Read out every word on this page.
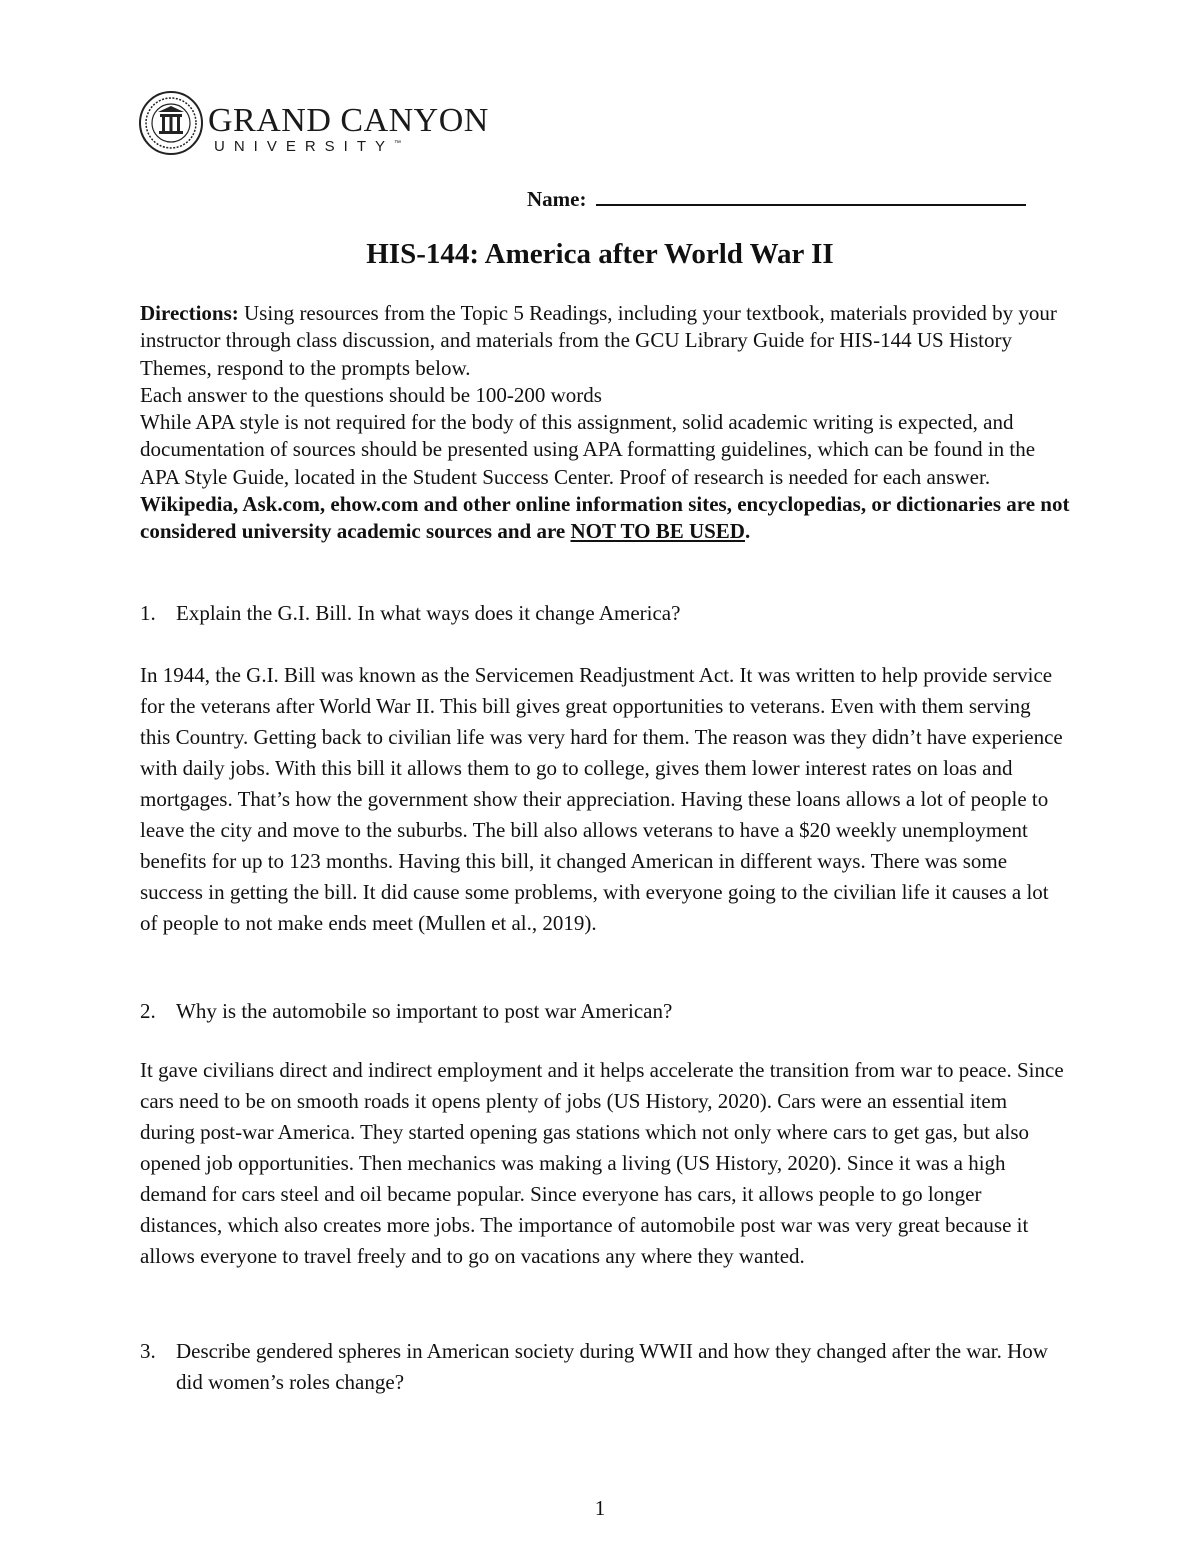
GRAND CANYON
UNIVERSITY™
Name:
HIS-144: America after World War II

Directions: Using resources from the Topic 5 Readings, including your textbook, materials provided by your instructor through class discussion, and materials from the GCU Library Guide for HIS-144 US History Themes, respond to the prompts below.

Each answer to the questions should be 100-200 words

While APA style is not required for the body of this assignment, solid academic writing is expected, and documentation of sources should be presented using APA formatting guidelines, which can be found in the APA Style Guide, located in the Student Success Center. Proof of research is needed for each answer.

Wikipedia, Ask.com, ehow.com and other online information sites, encyclopedias, or dictionaries are not considered university academic sources and are NOT TO BE USED.

1. Explain the G.I. Bill. In what ways does it change America?

In 1944, the G.I. Bill was known as the Servicemen Readjustment Act. It was written to help provide service for the veterans after World War II. This bill gives great opportunities to veterans. Even with them serving this Country. Getting back to civilian life was very hard for them. The reason was they didn’t have experience with daily jobs. With this bill it allows them to go to college, gives them lower interest rates on loas and mortgages. That’s how the government show their appreciation. Having these loans allows a lot of people to leave the city and move to the suburbs. The bill also allows veterans to have a $20 weekly unemployment benefits for up to 123 months. Having this bill, it changed American in different ways. There was some success in getting the bill. It did cause some problems, with everyone going to the civilian life it causes a lot of people to not make ends meet (Mullen et al., 2019).

2. Why is the automobile so important to post war American?

It gave civilians direct and indirect employment and it helps accelerate the transition from war to peace. Since cars need to be on smooth roads it opens plenty of jobs (US History, 2020). Cars were an essential item during post-war America. They started opening gas stations which not only where cars to get gas, but also opened job opportunities. Then mechanics was making a living (US History, 2020). Since it was a high demand for cars steel and oil became popular. Since everyone has cars, it allows people to go longer distances, which also creates more jobs. The importance of automobile post war was very great because it allows everyone to travel freely and to go on vacations any where they wanted.

3. Describe gendered spheres in American society during WWII and how they changed after the war. How did women’s roles change?
1
